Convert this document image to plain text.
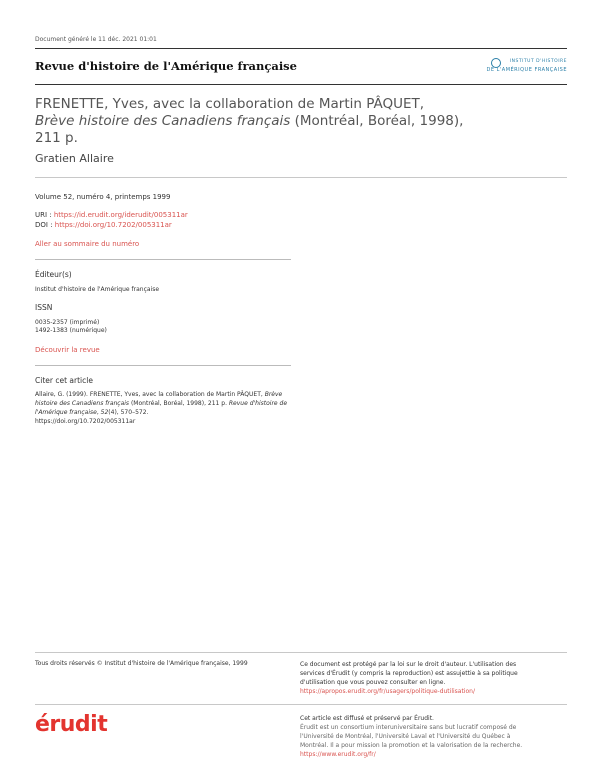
Document généré le 11 déc. 2021 01:01
Revue d'histoire de l'Amérique française	INSTITUT D'HISTOIRE
DE L'AMÉRIQUE FRANÇAISE
FRENETTE, Yves, avec la collaboration de Martin PÂQUET,
Brève histoire des Canadiens français (Montréal, Boréal, 1998),
211 p.
Gratien Allaire
Volume 52, numéro 4, printemps 1999
URI : https://id.erudit.org/iderudit/005311ar
DOI : https://doi.org/10.7202/005311ar
Aller au sommaire du numéro
Éditeur(s)
Institut d'histoire de l'Amérique française
ISSN
0035-2357 (imprimé)
1492-1383 (numérique)
Découvrir la revue
Citer cet article
Allaire, G. (1999). FRENETTE, Yves, avec la collaboration de Martin PÂQUET, Brève histoire des Canadiens français (Montréal, Boréal, 1998), 211 p. Revue d'histoire de l'Amérique française, 52(4), 570–572.
https://doi.org/10.7202/005311ar
Tous droits réservés © Institut d'histoire de l'Amérique française, 1999	Ce document est protégé par la loi sur le droit d'auteur. L'utilisation des
services d'Érudit (y compris la reproduction) est assujettie à sa politique
d'utilisation que vous pouvez consulter en ligne.
https://apropos.erudit.org/fr/usagers/politique-dutilisation/
érudit	Cet article est diffusé et préservé par Érudit.
Érudit est un consortium interuniversitaire sans but lucratif composé de
l'Université de Montréal, l'Université Laval et l'Université du Québec à
Montréal. Il a pour mission la promotion et la valorisation de la recherche.
https://www.erudit.org/fr/
